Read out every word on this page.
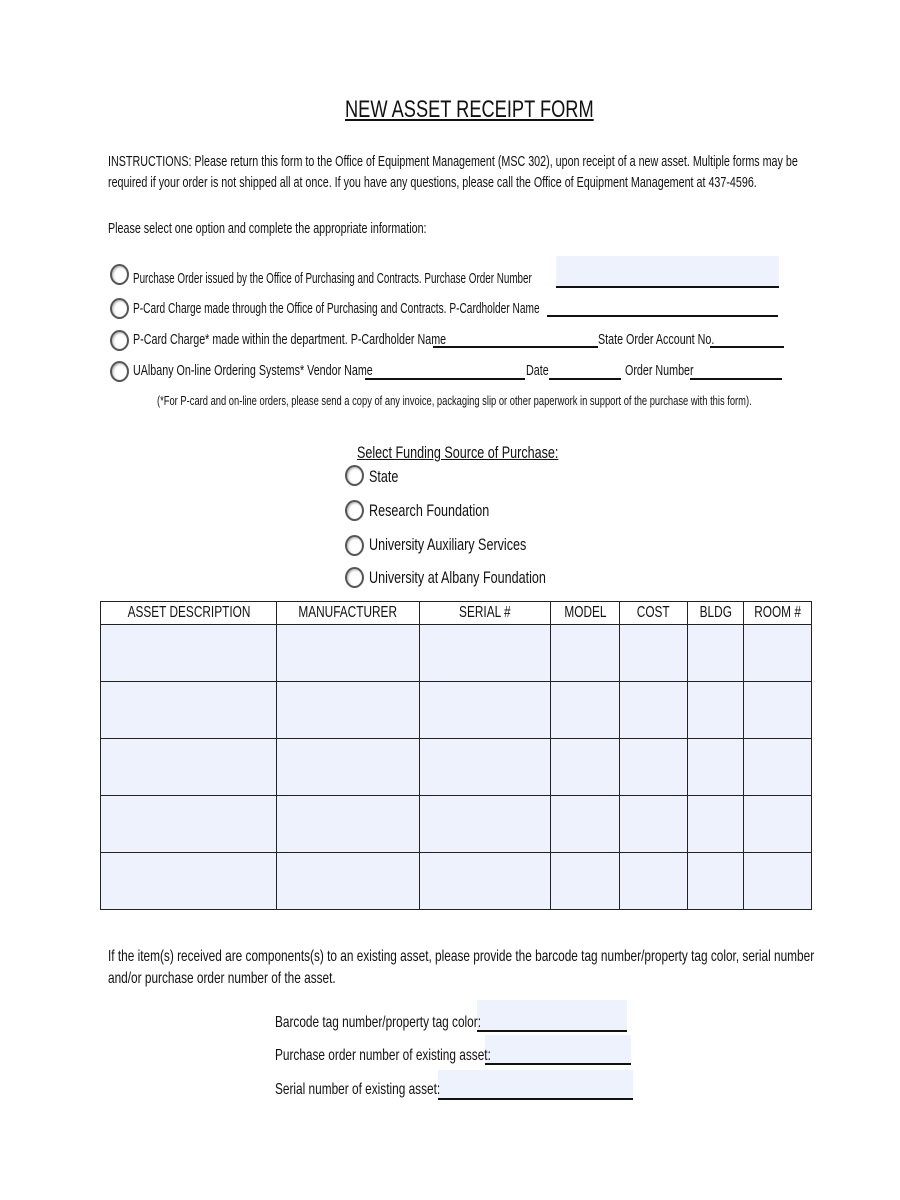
NEW ASSET RECEIPT FORM
INSTRUCTIONS: Please return this form to the Office of Equipment Management (MSC 302), upon receipt of a new asset. Multiple forms may be
required if your order is not shipped all at once. If you have any questions, please call the Office of Equipment Management at 437-4596.
Please select one option and complete the appropriate information:
Purchase Order issued by the Office of Purchasing and Contracts. Purchase Order Number
P-Card Charge made through the Office of Purchasing and Contracts. P-Cardholder Name
P-Card Charge* made within the department. P-Cardholder Name	State Order Account No.
UAlbany On-line Ordering Systems* Vendor Name	Date	Order Number
(*For P-card and on-line orders, please send a copy of any invoice, packaging slip or other paperwork in support of the purchase with this form).
Select Funding Source of Purchase:
State
Research Foundation
University Auxiliary Services
University at Albany Foundation
ASSET DESCRIPTION	MANUFACTURER	SERIAL #	MODEL	COST	BLDG	ROOM #

If the item(s) received are components(s) to an existing asset, please provide the barcode tag number/property tag color, serial number
and/or purchase order number of the asset.
Barcode tag number/property tag color:
Purchase order number of existing asset:
Serial number of existing asset:
